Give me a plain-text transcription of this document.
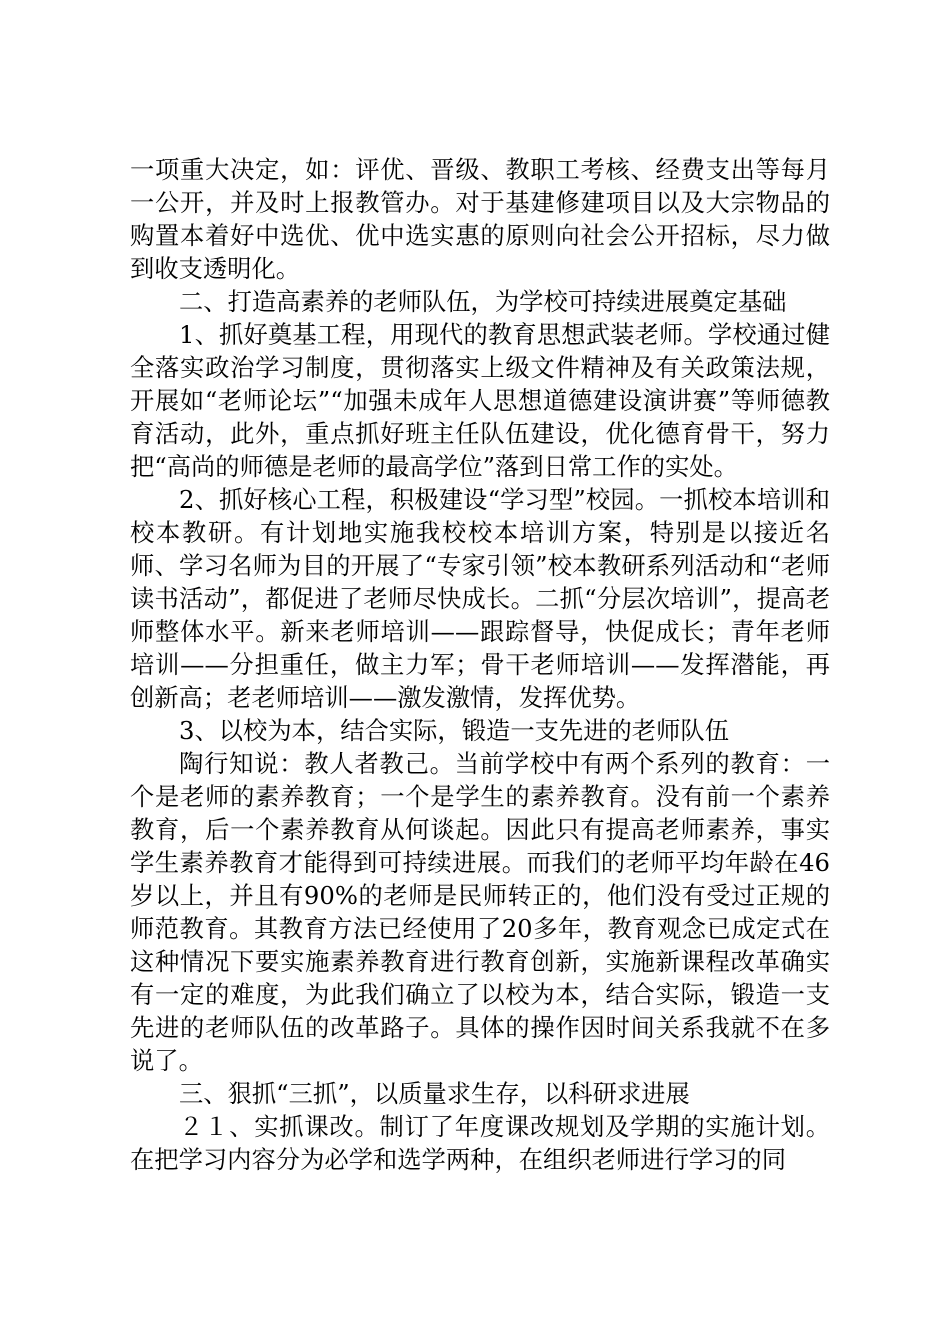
一项重大决定，如：评优、晋级、教职工考核、经费支出等每月一公开，并及时上报教管办。对于基建修建项目以及大宗物品的购置本着好中选优、优中选实惠的原则向社会公开招标，尽力做到收支透明化。

二、打造高素养的老师队伍，为学校可持续进展奠定基础

1、抓好奠基工程，用现代的教育思想武装老师。学校通过健全落实政治学习制度，贯彻落实上级文件精神及有关政策法规，开展如“老师论坛”“加强未成年人思想道德建设演讲赛”等师德教育活动，此外，重点抓好班主任队伍建设，优化德育骨干，努力把“高尚的师德是老师的最高学位”落到日常工作的实处。

2、抓好核心工程，积极建设“学习型”校园。一抓校本培训和校本教研。有计划地实施我校校本培训方案，特别是以接近名师、学习名师为目的开展了“专家引领”校本教研系列活动和“老师读书活动”，都促进了老师尽快成长。二抓“分层次培训”，提高老师整体水平。新来老师培训——跟踪督导，快促成长；青年老师培训——分担重任，做主力军；骨干老师培训——发挥潜能，再创新高；老老师培训——激发激情，发挥优势。

3、以校为本，结合实际，锻造一支先进的老师队伍

陶行知说：教人者教己。当前学校中有两个系列的教育：一个是老师的素养教育；一个是学生的素养教育。没有前一个素养教育，后一个素养教育从何谈起。因此只有提高老师素养，事实学生素养教育才能得到可持续进展。而我们的老师平均年龄在46岁以上，并且有90%的老师是民师转正的，他们没有受过正规的师范教育。其教育方法已经使用了20多年，教育观念已成定式在这种情况下要实施素养教育进行教育创新，实施新课程改革确实有一定的难度，为此我们确立了以校为本，结合实际，锻造一支先进的老师队伍的改革路子。具体的操作因时间关系我就不在多说了。

三、狠抓“三抓”，以质量求生存，以科研求进展

２１、实抓课改。制订了年度课改规划及学期的实施计划。在把学习内容分为必学和选学两种，在组织老师进行学习的同
